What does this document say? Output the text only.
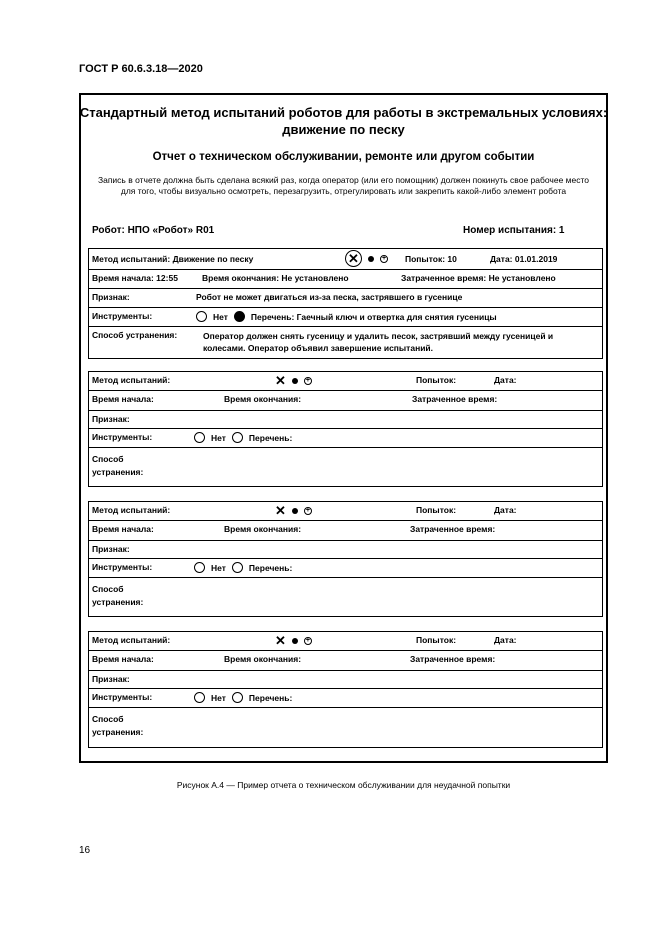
ГОСТ Р 60.6.3.18—2020
Стандартный метод испытаний роботов для работы в экстремальных условиях: движение по песку
Отчет о техническом обслуживании, ремонте или другом событии
Запись в отчете должна быть сделана всякий раз, когда оператор (или его помощник) должен покинуть свое рабочее место для того, чтобы визуально осмотреть, перезагрузить, отрегулировать или закрепить какой-либо элемент робота
Робот: НПО «Робот» R01	Номер испытания: 1
Метод испытаний: Движение по песку	✕	+ Попыток: 10	Дата: 01.01.2019
Время начала: 12:55	Время окончания: Не установлено	Затраченное время: Не установлено
Признак:	Робот не может двигаться из-за песка, застрявшего в гусенице
Инструменты:	Нет	Перечень: Гаечный ключ и отвертка для снятия гусеницы
Способ устранения:	Оператор должен снять гусеницу и удалить песок, застрявший между гусеницей и колесами. Оператор объявил завершение испытаний.
Метод испытаний:	✕	+	Попыток:	Дата:
Время начала:	Время окончания:	Затраченное время:
Признак:
Инструменты:	Нет	Перечень:
Способ
устранения:
Метод испытаний:	✕	+	Попыток:	Дата:
Время начала:	Время окончания:	Затраченное время:
Признак:
Инструменты:	Нет	Перечень:
Способ
устранения:
Метод испытаний:	✕	+	Попыток:	Дата:
Время начала:	Время окончания:	Затраченное время:
Признак:
Инструменты:	Нет	Перечень:
Способ
устранения:
Рисунок А.4 — Пример отчета о техническом обслуживании для неудачной попытки
16
